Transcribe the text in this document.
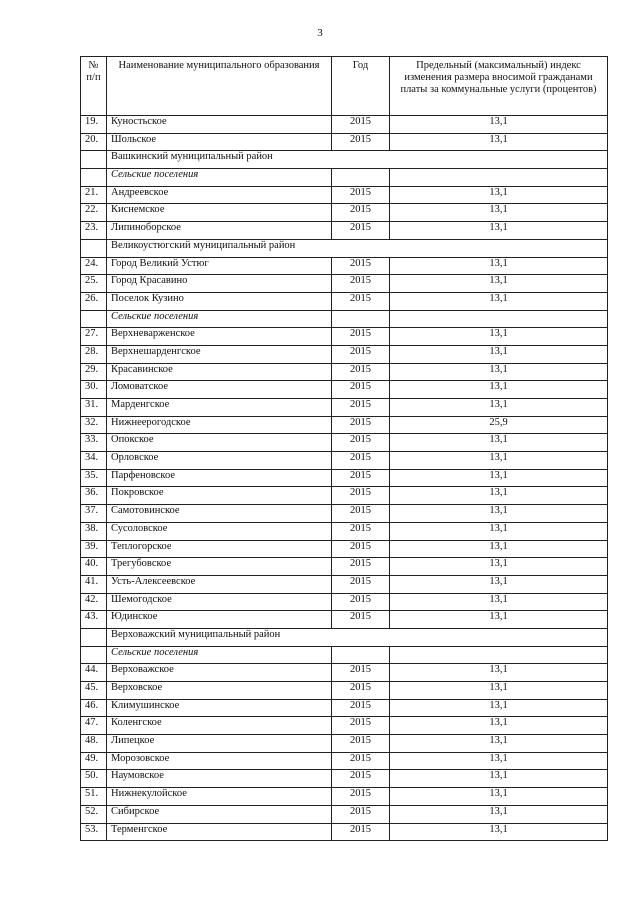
3
№ п/п	Наименование муниципального образования	Год	Предельный (максимальный) индекс изменения размера вносимой гражданами платы за коммунальные услуги (процентов)
19.	Кунoстьское	2015	13,1
20.	Шольское	2015	13,1
	Вашкинский муниципальный район		
	Сельские поселения		
21.	Андреевское	2015	13,1
22.	Киснемское	2015	13,1
23.	Липиноборское	2015	13,1
	Великоустюгский муниципальный район		
24.	Город Великий Устюг	2015	13,1
25.	Город Красавино	2015	13,1
26.	Поселок Кузино	2015	13,1
	Сельские поселения		
27.	Верхневарженское	2015	13,1
28.	Верхнешарденгское	2015	13,1
29.	Красавинское	2015	13,1
30.	Ломоватское	2015	13,1
31.	Марденгское	2015	13,1
32.	Нижнеерогодское	2015	25,9
33.	Опокское	2015	13,1
34.	Орловское	2015	13,1
35.	Парфеновское	2015	13,1
36.	Покровское	2015	13,1
37.	Самотовинское	2015	13,1
38.	Сусоловское	2015	13,1
39.	Теплогорское	2015	13,1
40.	Трегубовское	2015	13,1
41.	Усть-Алексеевское	2015	13,1
42.	Шемогодское	2015	13,1
43.	Юдинское	2015	13,1
	Верховажский муниципальный район		
	Сельские поселения		
44.	Верховажское	2015	13,1
45.	Верховское	2015	13,1
46.	Климушинское	2015	13,1
47.	Коленгское	2015	13,1
48.	Липецкое	2015	13,1
49.	Морозовское	2015	13,1
50.	Наумовское	2015	13,1
51.	Нижнекулойское	2015	13,1
52.	Сибирское	2015	13,1
53.	Терменгское	2015	13,1
